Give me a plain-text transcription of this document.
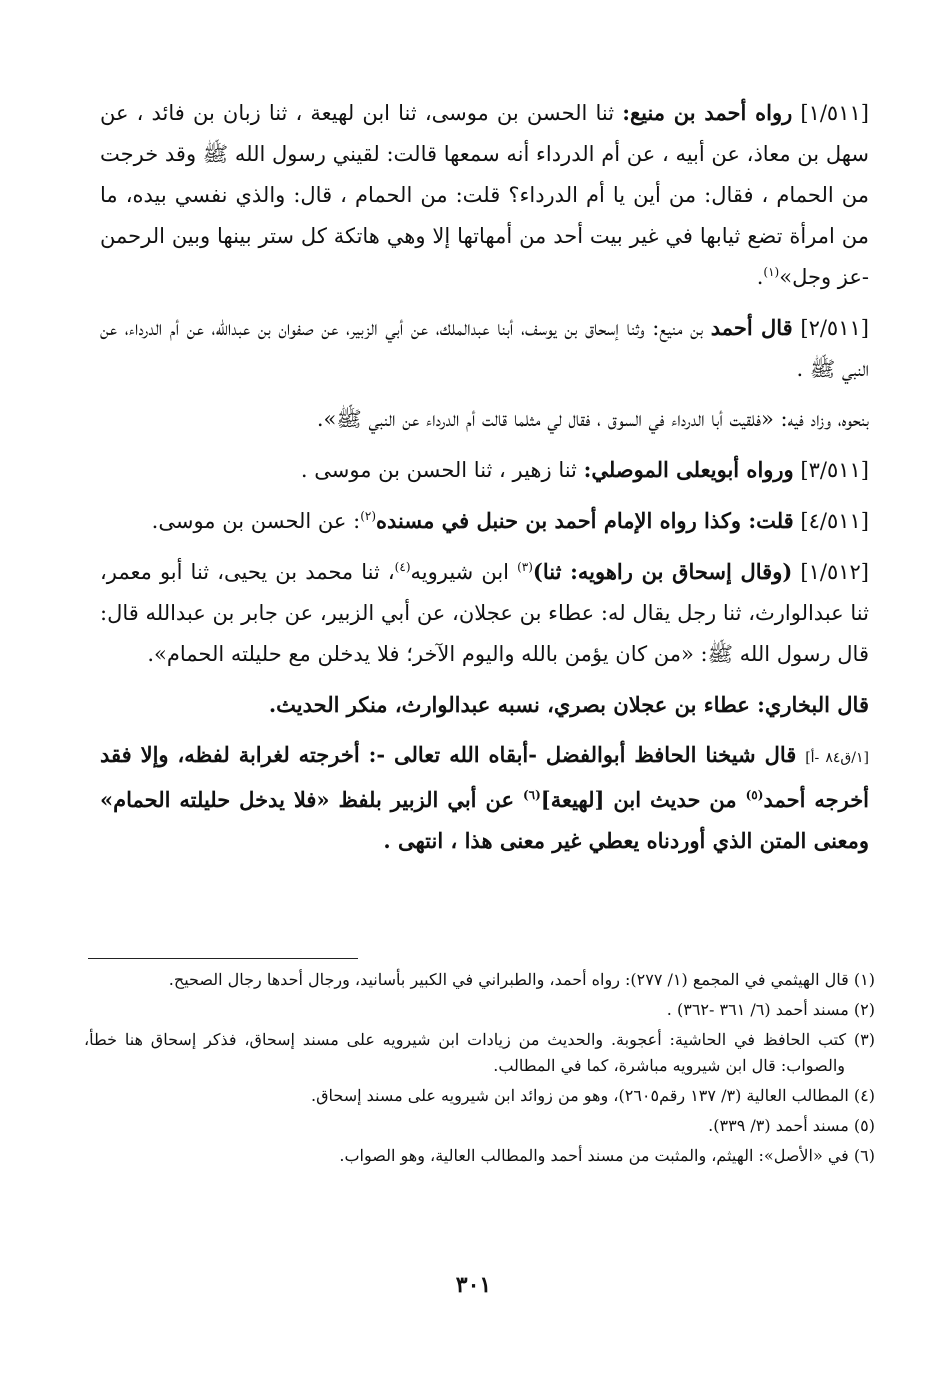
[١/٥١١] رواه أحمد بن منيع: ثنا الحسن بن موسى، ثنا ابن لهيعة ، ثنا زبان بن فائد ، عن سهل بن معاذ، عن أبيه ، عن أم الدرداء أنه سمعها قالت: لقيني رسول الله ﷺ وقد خرجت من الحمام ، فقال: من أين يا أم الدرداء؟ قلت: من الحمام ، قال: والذي نفسي بيده، ما من امرأة تضع ثيابها في غير بيت أحد من أمهاتها إلا وهي هاتكة كل ستر بينها وبين الرحمن -عز وجل»$^{(١)}$.

[٢/٥١١] قال أحمد بن منيع: وثنا إسحاق بن يوسف، أبنا عبدالملك، عن أبي الزبير، عن صفوان بن عبدالله، عن أم الدرداء، عن النبي ﷺ .

بنحوه، وزاد فيه: «فلقيت أبا الدرداء في السوق ، فقال لي مثلما قالت أم الدرداء عن النبي ﷺ».

[٣/٥١١] ورواه أبويعلى الموصلي: ثنا زهير ، ثنا الحسن بن موسى .

[٤/٥١١] قلت: وكذا رواه الإمام أحمد بن حنبل في مسنده$^{(٢)}$: عن الحسن بن موسى.

[١/٥١٢] (وقال إسحاق بن راهويه: ثنا)$^{(٣)}$ ابن شيرويه$^{(٤)}$، ثنا محمد بن يحيى، ثنا أبو معمر، ثنا عبدالوارث، ثنا رجل يقال له: عطاء بن عجلان، عن أبي الزبير، عن جابر بن عبدالله قال: قال رسول الله ﷺ: «من كان يؤمن بالله واليوم الآخر؛ فلا يدخلن مع حليلته الحمام».

قال البخاري: عطاء بن عجلان بصري، نسبه عبدالوارث، منكر الحديث.

[١/ق٨٤ -أ] قال شيخنا الحافظ أبوالفضل -أبقاه الله تعالى -: أخرجته لغرابة لفظه، وإلا فقد أخرجه أحمد$^{(٥)}$ من حديث ابن [لهيعة]$^{(٦)}$ عن أبي الزبير بلفظ «فلا يدخل حليلته الحمام» ومعنى المتن الذي أوردناه يعطي غير معنى هذا ، انتهى .

(١) قال الهيثمي في المجمع (١/ ٢٧٧): رواه أحمد، والطبراني في الكبير بأسانيد، ورجال أحدها رجال الصحيح.

(٢) مسند أحمد (٦/ ٣٦١ -٣٦٢) .

(٣) كتب الحافظ في الحاشية: أعجوبة. والحديث من زيادات ابن شيرويه على مسند إسحاق، فذكر إسحاق هنا خطأ، والصواب: قال ابن شيرويه مباشرة، كما في المطالب.

(٤) المطالب العالية (٣/ ١٣٧ رقم٢٦٠٥)، وهو من زوائد ابن شيرويه على مسند إسحاق.

(٥) مسند أحمد (٣/ ٣٣٩).

(٦) في «الأصل»: الهيثم، والمثبت من مسند أحمد والمطالب العالية، وهو الصواب.

٣٠١
